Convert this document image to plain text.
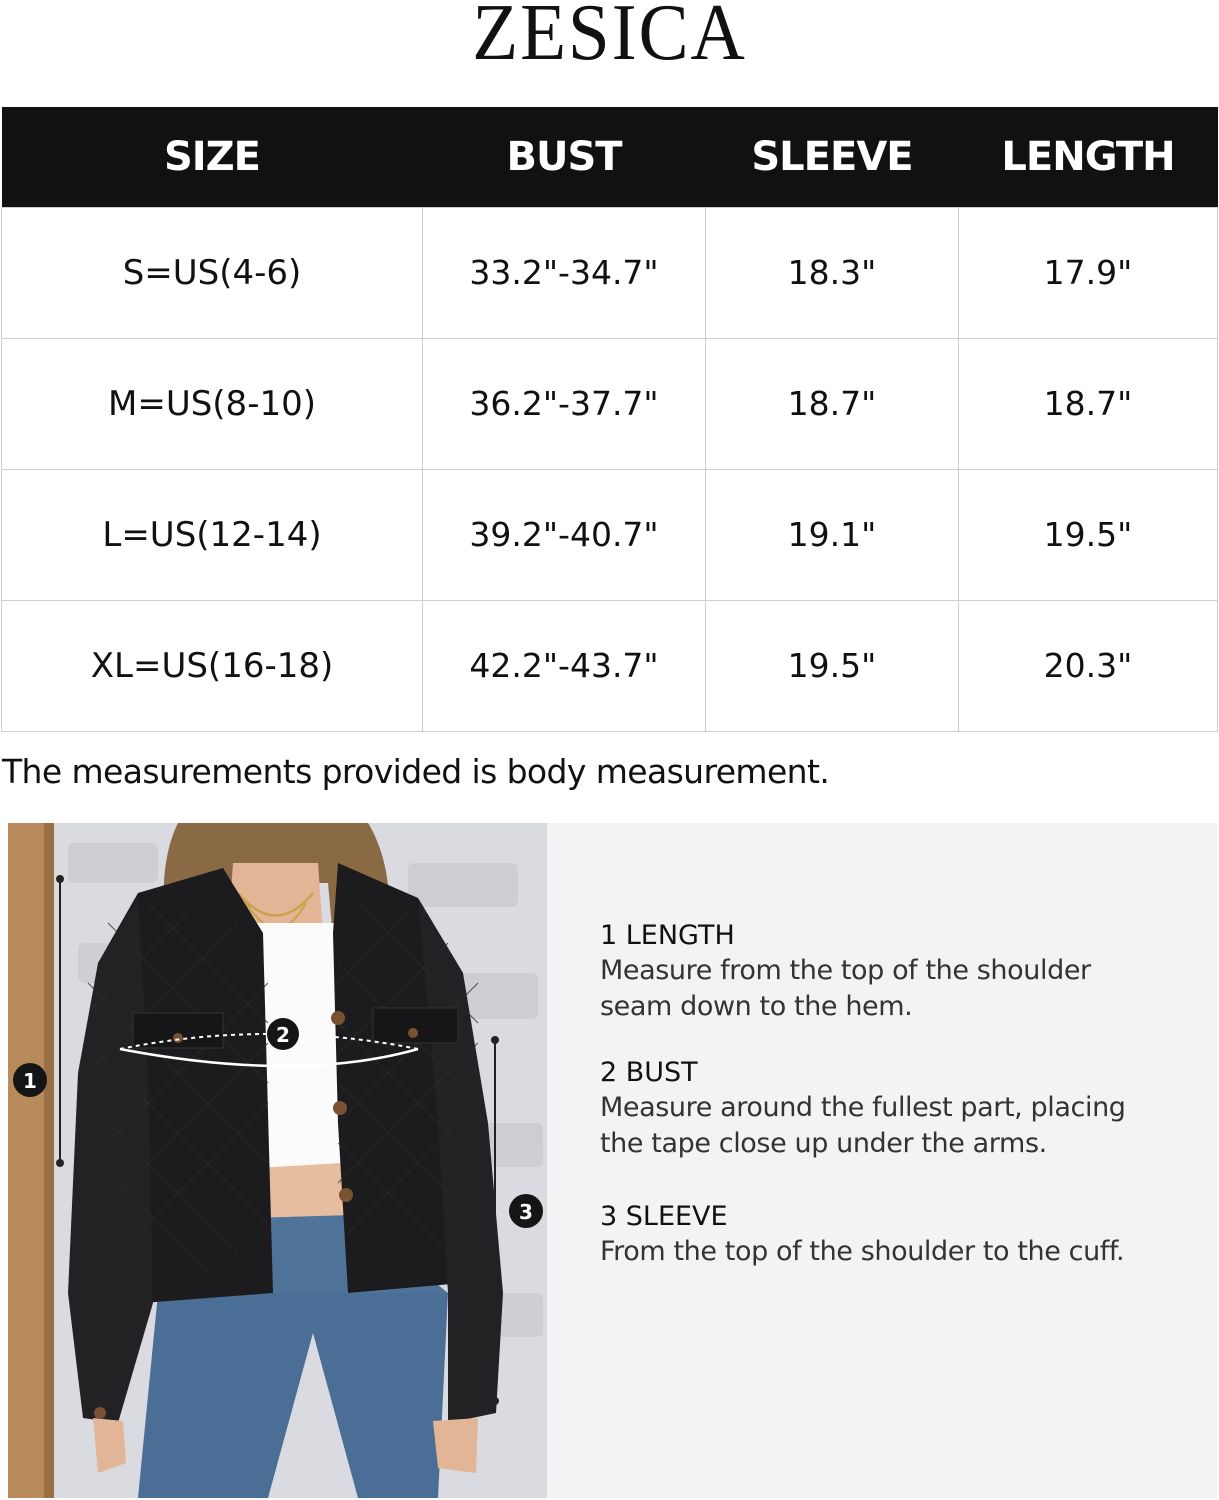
ZESICA
SIZE	BUST	SLEEVE	LENGTH
S=US(4-6)	33.2"-34.7"	18.3"	17.9"
M=US(8-10)	36.2"-37.7"	18.7"	18.7"
L=US(12-14)	39.2"-40.7"	19.1"	19.5"
XL=US(16-18)	42.2"-43.7"	19.5"	20.3"
The measurements provided is body measurement.
1
2
3
1 LENGTH
Measure from the top of the shoulder
seam down to the hem.
2 BUST
Measure around the fullest part, placing
the tape close up under the arms.
3 SLEEVE
From the top of the shoulder to the cuff.
